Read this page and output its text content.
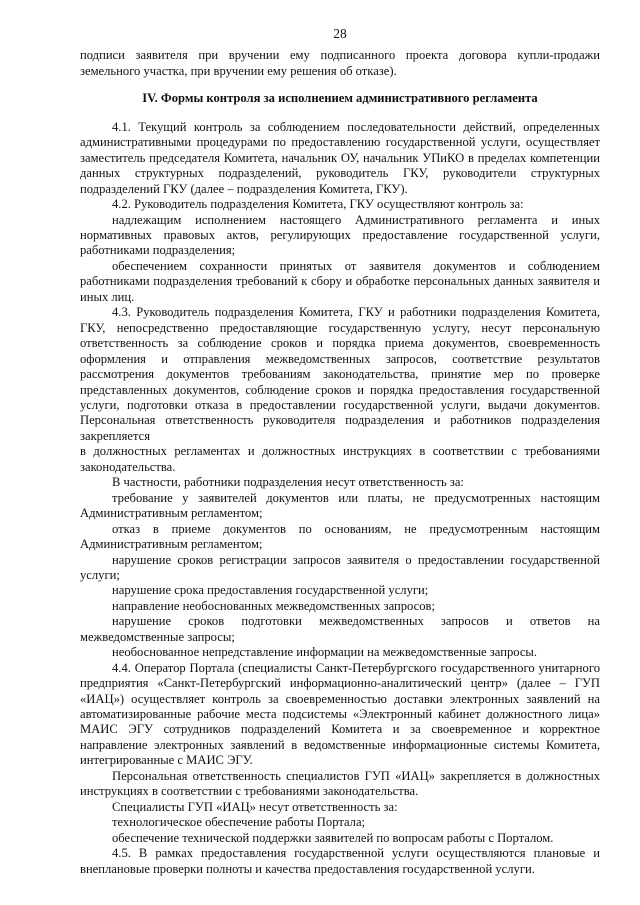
28

подписи заявителя при вручении ему подписанного проекта договора купли-продажи земельного участка, при вручении ему решения об отказе).

IV. Формы контроля за исполнением административного регламента

4.1. Текущий контроль за соблюдением последовательности действий, определенных административными процедурами по предоставлению государственной услуги, осуществляет заместитель председателя Комитета, начальник ОУ, начальник УПиКО в пределах компетенции данных структурных подразделений, руководитель ГКУ, руководители структурных подразделений ГКУ (далее – подразделения Комитета, ГКУ).

4.2. Руководитель подразделения Комитета, ГКУ осуществляют контроль за:

надлежащим исполнением настоящего Административного регламента и иных нормативных правовых актов, регулирующих предоставление государственной услуги, работниками подразделения;

обеспечением сохранности принятых от заявителя документов и соблюдением работниками подразделения требований к сбору и обработке персональных данных заявителя и иных лиц.

4.3. Руководитель подразделения Комитета, ГКУ и работники подразделения Комитета, ГКУ, непосредственно предоставляющие государственную услугу, несут персональную ответственность за соблюдение сроков и порядка приема документов, своевременность оформления и отправления межведомственных запросов, соответствие результатов рассмотрения документов требованиям законодательства, принятие мер по проверке представленных документов, соблюдение сроков и порядка предоставления государственной услуги, подготовки отказа в предоставлении государственной услуги, выдачи документов. Персональная ответственность руководителя подразделения и работников подразделения закрепляется

в должностных регламентах и должностных инструкциях в соответствии с требованиями законодательства.

В частности, работники подразделения несут ответственность за:

требование у заявителей документов или платы, не предусмотренных настоящим Административным регламентом;

отказ в приеме документов по основаниям, не предусмотренным настоящим Административным регламентом;

нарушение сроков регистрации запросов заявителя о предоставлении государственной услуги;

нарушение срока предоставления государственной услуги;

направление необоснованных межведомственных запросов;

нарушение сроков подготовки межведомственных запросов и ответов на межведомственные запросы;

необоснованное непредставление информации на межведомственные запросы.

4.4. Оператор Портала (специалисты Санкт-Петербургского государственного унитарного предприятия «Санкт-Петербургский информационно-аналитический центр» (далее – ГУП «ИАЦ») осуществляет контроль за своевременностью доставки электронных заявлений на автоматизированные рабочие места подсистемы «Электронный кабинет должностного лица» МАИС ЭГУ сотрудников подразделений Комитета и за своевременное и корректное направление электронных заявлений в ведомственные информационные системы Комитета, интегрированные с МАИС ЭГУ.

Персональная ответственность специалистов ГУП «ИАЦ» закрепляется в должностных инструкциях в соответствии с требованиями законодательства.

Специалисты ГУП «ИАЦ» несут ответственность за:

технологическое обеспечение работы Портала;

обеспечение технической поддержки заявителей по вопросам работы с Порталом.

4.5. В рамках предоставления государственной услуги осуществляются плановые и внеплановые проверки полноты и качества предоставления государственной услуги.
